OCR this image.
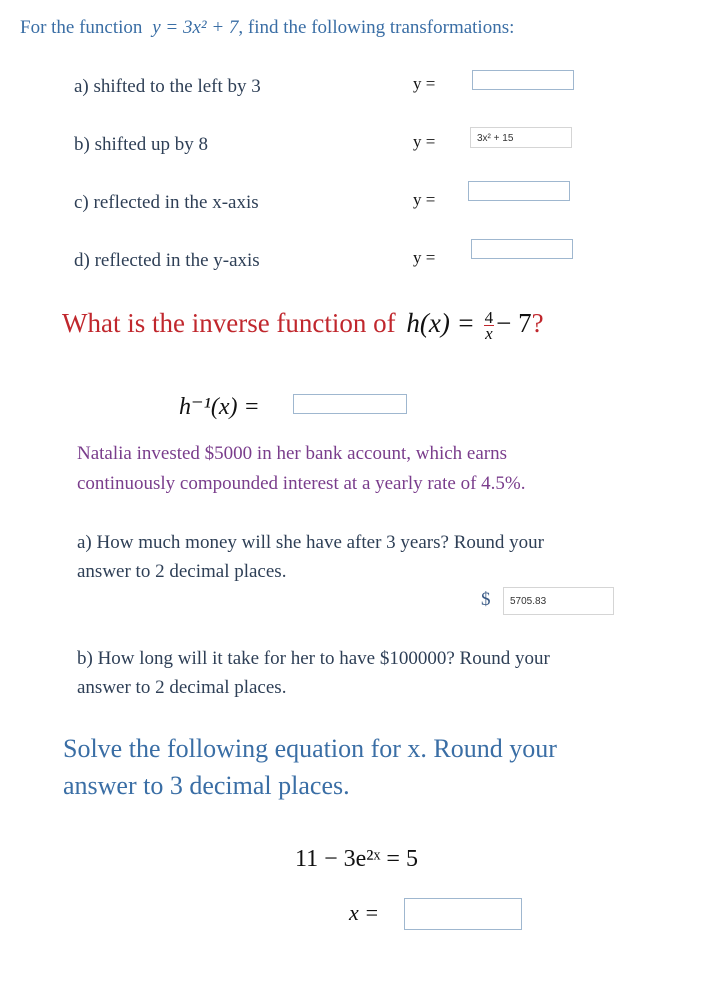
For the function y = 3x² + 7, find the following transformations:
a) shifted to the left by 3	y =
b) shifted up by 8	y =	3x² + 15
c) reflected in the x-axis	y =
d) reflected in the y-axis	y =
What is the inverse function of $h(x) = \frac{4}{x} - 7$?
h⁻¹(x) =
Natalia invested $5000 in her bank account, which earns
continuously compounded interest at a yearly rate of 4.5%.
a) How much money will she have after 3 years? Round your
answer to 2 decimal places.
$	5705.83
b) How long will it take for her to have $100000? Round your
answer to 2 decimal places.
Solve the following equation for x. Round your
answer to 3 decimal places.
11 − 3e²ˣ = 5
x =
